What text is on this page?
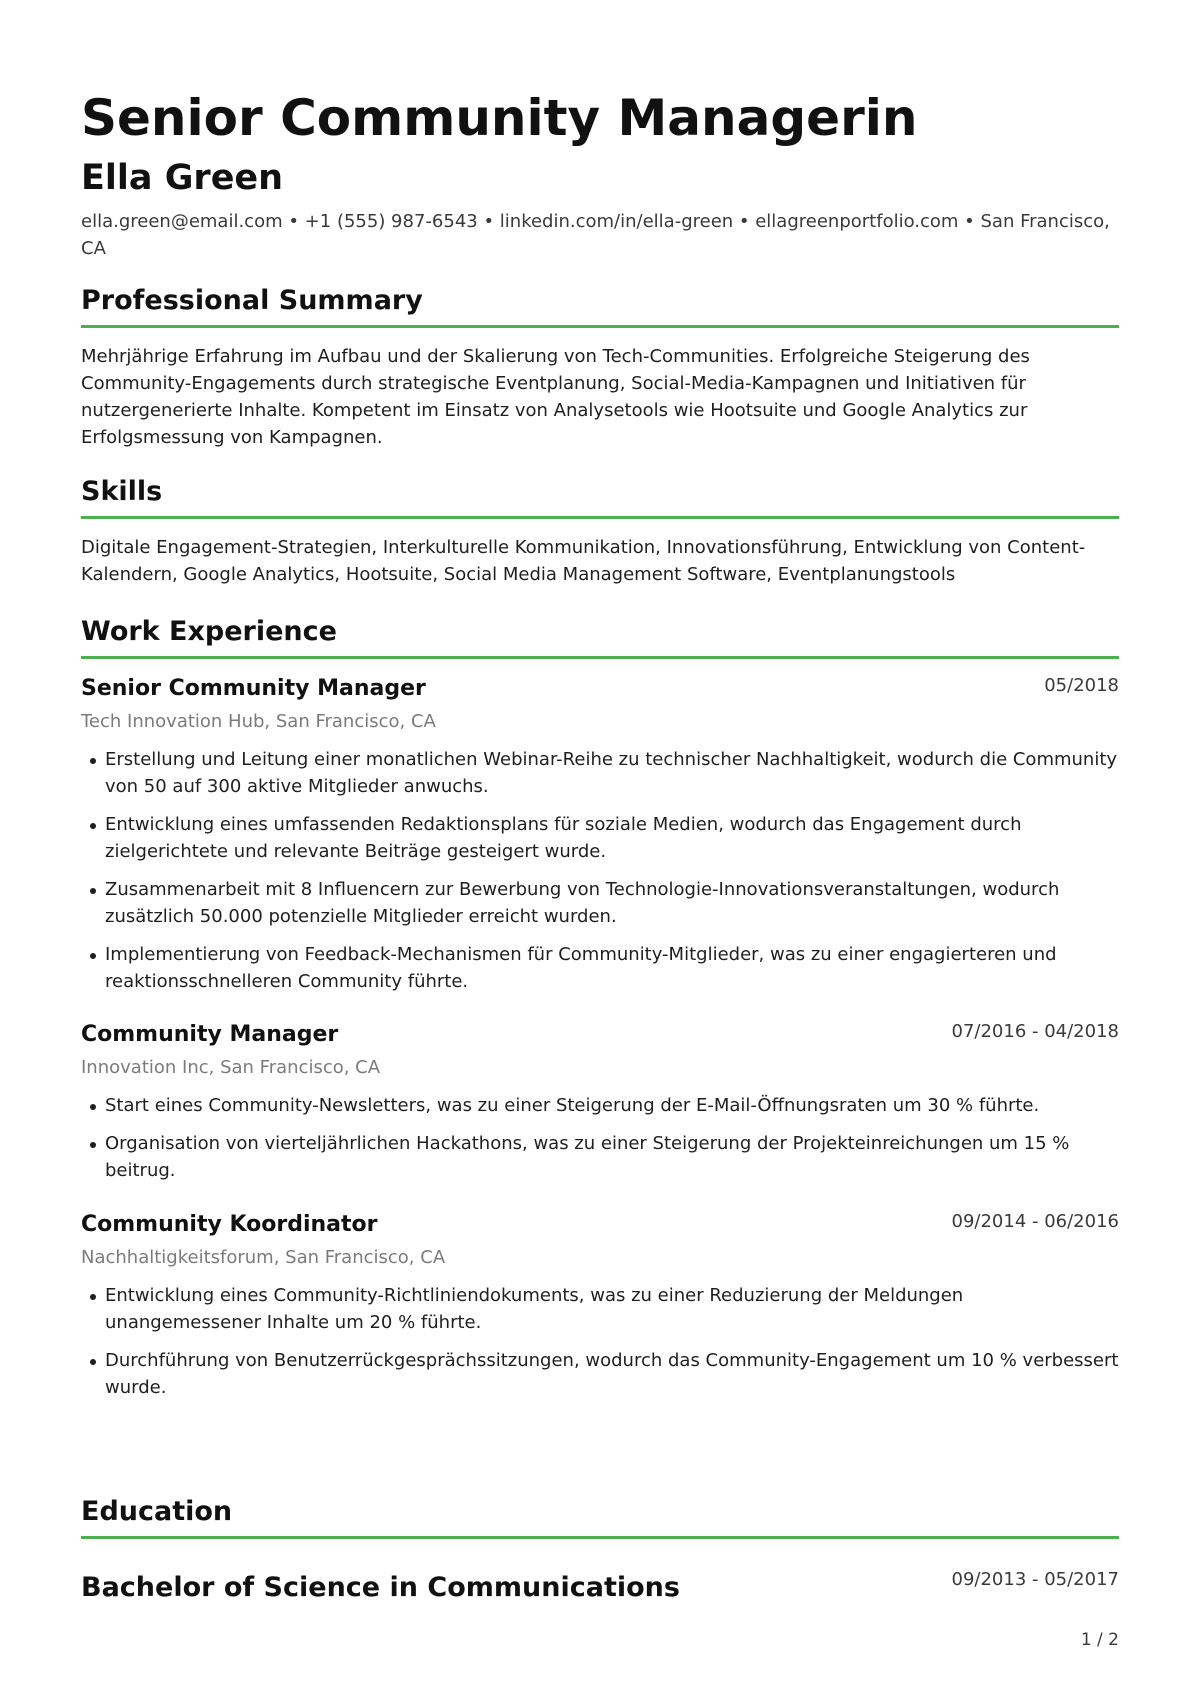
Senior Community Managerin
Ella Green
ella.green@email.com • +1 (555) 987-6543 • linkedin.com/in/ella-green • ellagreenportfolio.com • San Francisco, CA
Professional Summary
Mehrjährige Erfahrung im Aufbau und der Skalierung von Tech-Communities. Erfolgreiche Steigerung des Community-Engagements durch strategische Eventplanung, Social-Media-Kampagnen und Initiativen für nutzergenerierte Inhalte. Kompetent im Einsatz von Analysetools wie Hootsuite und Google Analytics zur Erfolgsmessung von Kampagnen.
Skills
Digitale Engagement-Strategien, Interkulturelle Kommunikation, Innovationsführung, Entwicklung von Content-Kalendern, Google Analytics, Hootsuite, Social Media Management Software, Eventplanungstools
Work Experience
Senior Community Manager	05/2018
Tech Innovation Hub, San Francisco, CA
Erstellung und Leitung einer monatlichen Webinar-Reihe zu technischer Nachhaltigkeit, wodurch die Community von 50 auf 300 aktive Mitglieder anwuchs.
Entwicklung eines umfassenden Redaktionsplans für soziale Medien, wodurch das Engagement durch zielgerichtete und relevante Beiträge gesteigert wurde.
Zusammenarbeit mit 8 Influencern zur Bewerbung von Technologie-Innovationsveranstaltungen, wodurch zusätzlich 50.000 potenzielle Mitglieder erreicht wurden.
Implementierung von Feedback-Mechanismen für Community-Mitglieder, was zu einer engagierteren und reaktionsschnelleren Community führte.
Community Manager	07/2016 - 04/2018
Innovation Inc, San Francisco, CA
Start eines Community-Newsletters, was zu einer Steigerung der E-Mail-Öffnungsraten um 30 % führte.
Organisation von vierteljährlichen Hackathons, was zu einer Steigerung der Projekteinreichungen um 15 % beitrug.
Community Koordinator	09/2014 - 06/2016
Nachhaltigkeitsforum, San Francisco, CA
Entwicklung eines Community-Richtliniendokuments, was zu einer Reduzierung der Meldungen unangemessener Inhalte um 20 % führte.
Durchführung von Benutzerrückgesprächssitzungen, wodurch das Community-Engagement um 10 % verbessert wurde.
Education
Bachelor of Science in Communications	09/2013 - 05/2017
1 / 2
